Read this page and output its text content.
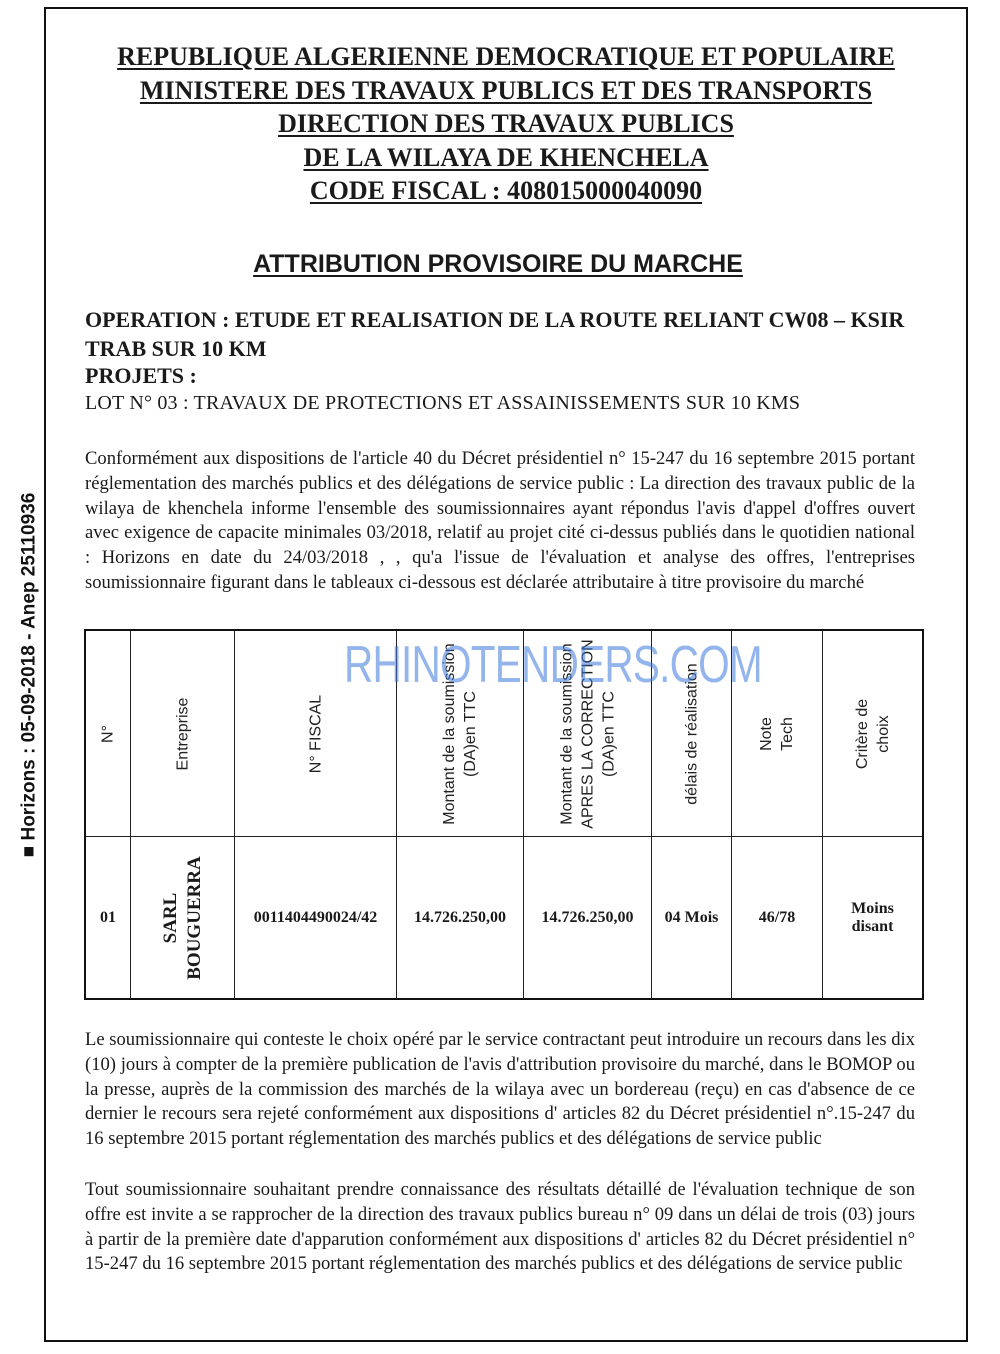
■ Horizons : 05-09-2018 - Anep 25110936
REPUBLIQUE ALGERIENNE DEMOCRATIQUE ET POPULAIRE
MINISTERE DES TRAVAUX PUBLICS ET DES TRANSPORTS
DIRECTION DES TRAVAUX PUBLICS
DE LA WILAYA DE KHENCHELA
CODE FISCAL : 408015000040090
ATTRIBUTION PROVISOIRE DU MARCHE
OPERATION : ETUDE ET REALISATION DE LA ROUTE RELIANT CW08 – KSIR TRAB SUR 10 KM
PROJETS :
LOT N° 03 : TRAVAUX DE PROTECTIONS ET ASSAINISSEMENTS SUR 10 KMS
Conformément aux dispositions de l'article 40 du Décret présidentiel n° 15-247 du 16 septembre 2015 portant réglementation des marchés publics et des délégations de service public : La direction des travaux public de la wilaya de khenchela informe l'ensemble des soumissionnaires ayant répondus l'avis d'appel d'offres ouvert avec exigence de capacite minimales 03/2018, relatif au projet cité ci-dessus publiés dans le quotidien national : Horizons en date du 24/03/2018 , , qu'a l'issue de l'évaluation et analyse des offres, l'entreprises soumissionnaire figurant dans le tableaux ci-dessous est déclarée attributaire à titre provisoire du marché
N°
01
Entreprise
SARL BOUGUERRA
N° FISCAL
0011404490024/42
Montant de la soumission (DA)en TTC
14.726.250,00
Montant de la soumission APRES LA CORRECTION (DA)en TTC
14.726.250,00
délais de réalisation
04 Mois
Note Tech
46/78
Critère de choix
Moins disant
RHINOTENDERS.COM
Le soumissionnaire qui conteste le choix opéré par le service contractant peut introduire un recours dans les dix (10) jours à compter de la première publication de l'avis d'attribution provisoire du marché, dans le BOMOP ou la presse, auprès de la commission des marchés de la wilaya avec un bordereau (reçu) en cas d'absence de ce dernier le recours sera rejeté conformément aux dispositions d' articles 82 du Décret présidentiel n°.15-247 du 16 septembre 2015 portant réglementation des marchés publics et des délégations de service public
Tout soumissionnaire souhaitant prendre connaissance des résultats détaillé de l'évaluation technique de son offre est invite a se rapprocher de la direction des travaux publics bureau n° 09 dans un délai de trois (03) jours à partir de la première date d'apparution conformément aux dispositions d' articles 82 du Décret présidentiel n° 15-247 du 16 septembre 2015 portant réglementation des marchés publics et des délégations de service public
